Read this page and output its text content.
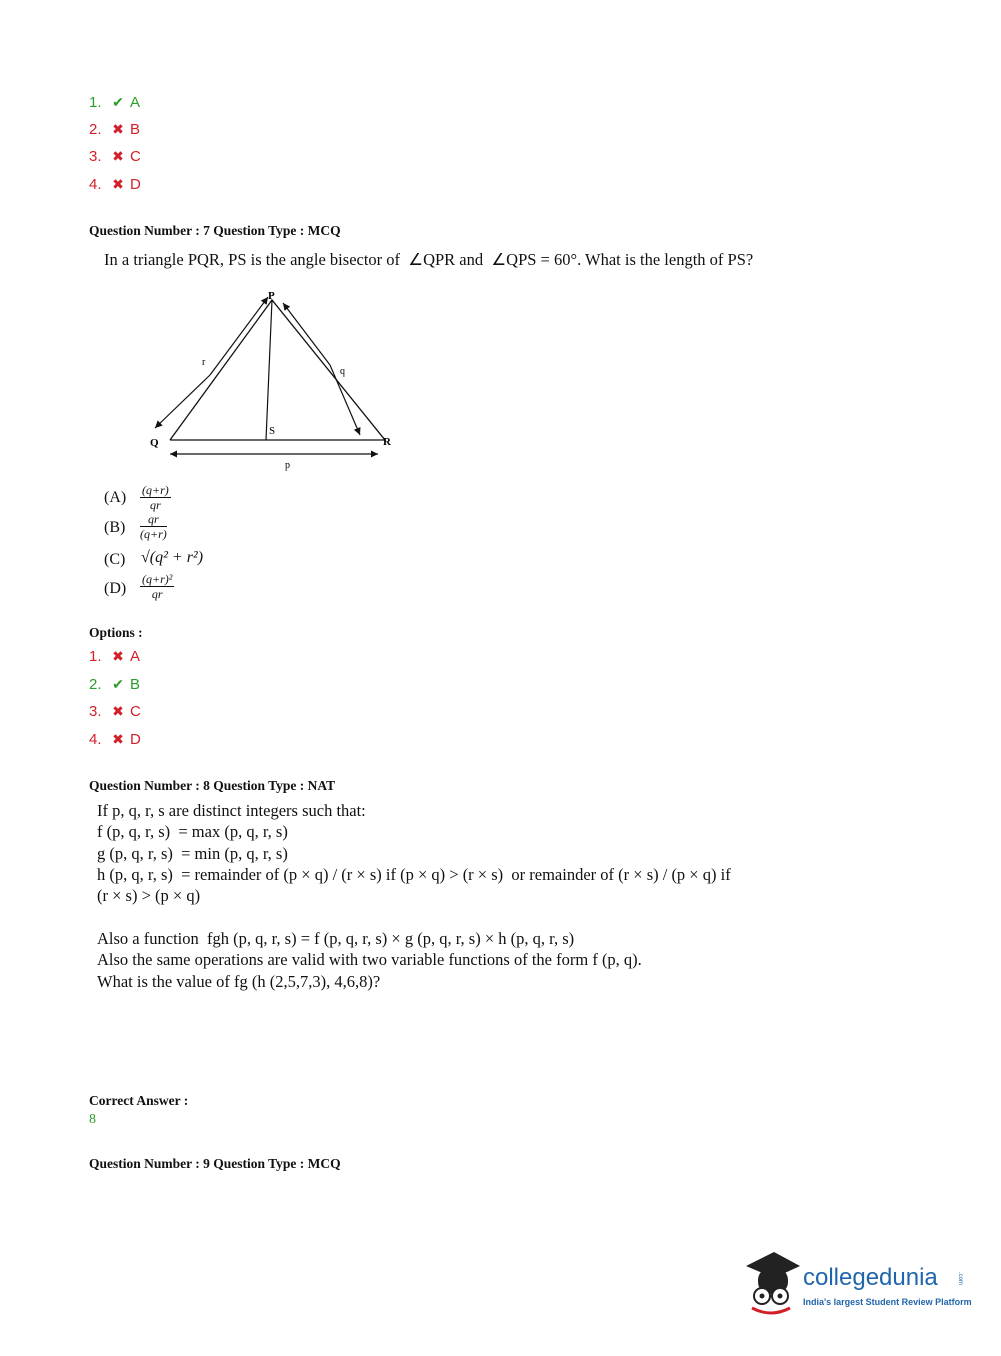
1. ✔ A
2. ✖ B
3. ✖ C
4. ✖ D
Question Number : 7 Question Type : MCQ
In a triangle PQR, PS is the angle bisector of  ∠QPR and  ∠QPS = 60°. What is the length of PS?
P
Q	R
S
r
q
p
$(A) \frac{(q+r)}{qr}$
$(B) \frac{qr}{(q+r)}$
(C) √(q² + r²)
$(D) \frac{\text{(q+r)²}}{qr}$
Options :
1. ✖ A
2. ✔ B
3. ✖ C
4. ✖ D
Question Number : 8 Question Type : NAT
If p, q, r, s are distinct integers such that:
f (p, q, r, s)  = max (p, q, r, s)
g (p, q, r, s)  = min (p, q, r, s)
h (p, q, r, s)  = remainder of (p × q) / (r × s) if (p × q) > (r × s)  or remainder of (r × s) / (p × q) if
(r × s) > (p × q)
Also a function  fgh (p, q, r, s) = f (p, q, r, s) × g (p, q, r, s) × h (p, q, r, s)
Also the same operations are valid with two variable functions of the form f (p, q).
What is the value of fg (h (2,5,7,3), 4,6,8)?
Correct Answer :
8
Question Number : 9 Question Type : MCQ
collegedunia	.com
India's largest Student Review Platform
